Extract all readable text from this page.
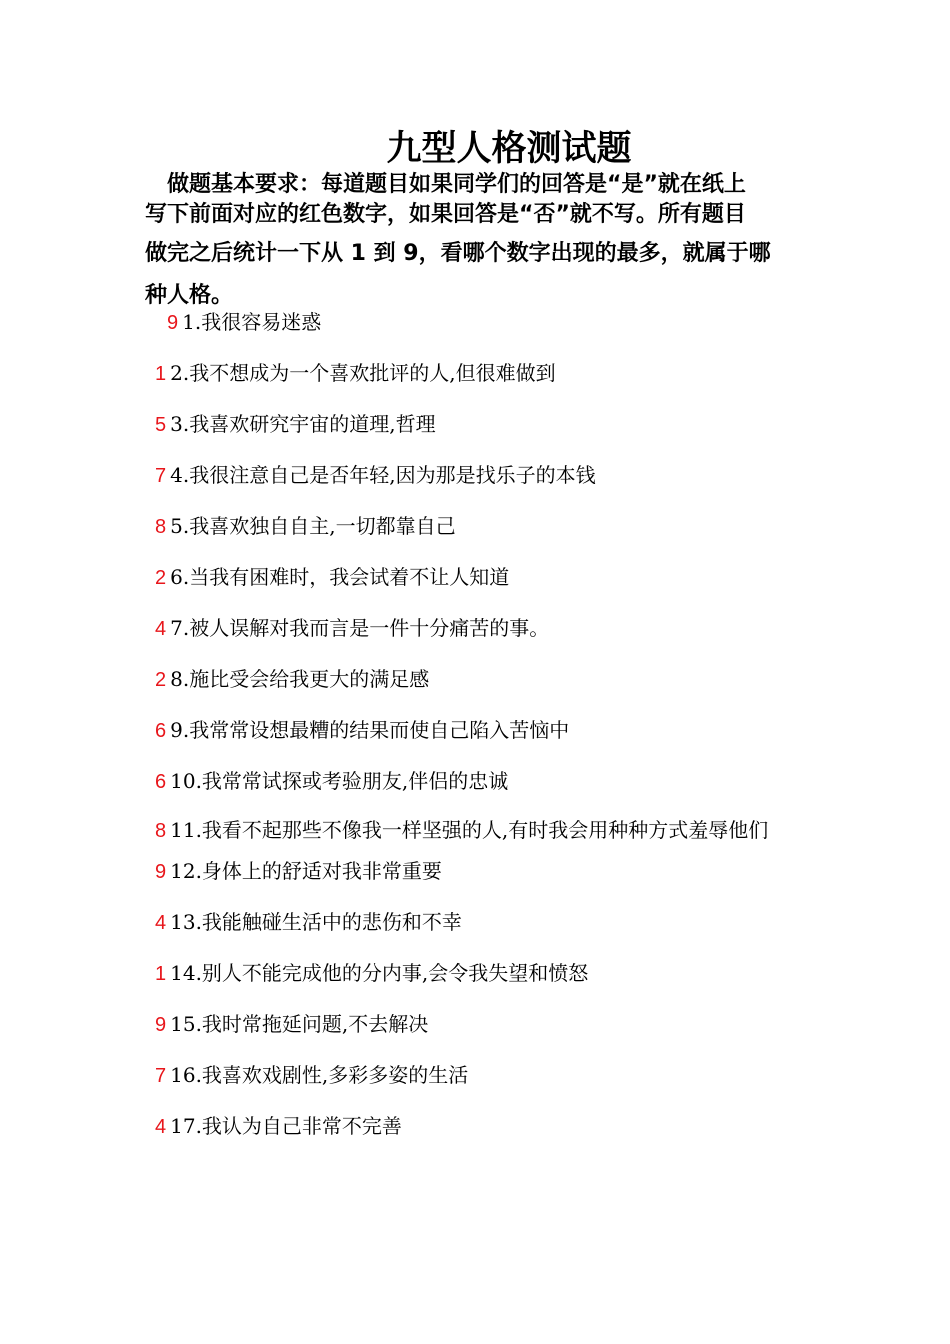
九型人格测试题
做题基本要求：每道题目如果同学们的回答是“是”就在纸上
写下前面对应的红色数字，如果回答是“否”就不写。所有题目
做完之后统计一下从 1 到 9，看哪个数字出现的最多，就属于哪
种人格。
9 1.我很容易迷惑
1 2.我不想成为一个喜欢批评的人,但很难做到
5 3.我喜欢研究宇宙的道理,哲理
7 4.我很注意自己是否年轻,因为那是找乐子的本钱
8 5.我喜欢独自自主,一切都靠自己
2 6.当我有困难时，我会试着不让人知道
4 7.被人误解对我而言是一件十分痛苦的事。
2 8.施比受会给我更大的满足感
6 9.我常常设想最糟的结果而使自己陷入苦恼中
6 10.我常常试探或考验朋友,伴侣的忠诚
8 11.我看不起那些不像我一样坚强的人,有时我会用种种方式羞辱他们
9 12.身体上的舒适对我非常重要
4 13.我能触碰生活中的悲伤和不幸
1 14.别人不能完成他的分内事,会令我失望和愤怒
9 15.我时常拖延问题,不去解决
7 16.我喜欢戏剧性,多彩多姿的生活
4 17.我认为自己非常不完善
